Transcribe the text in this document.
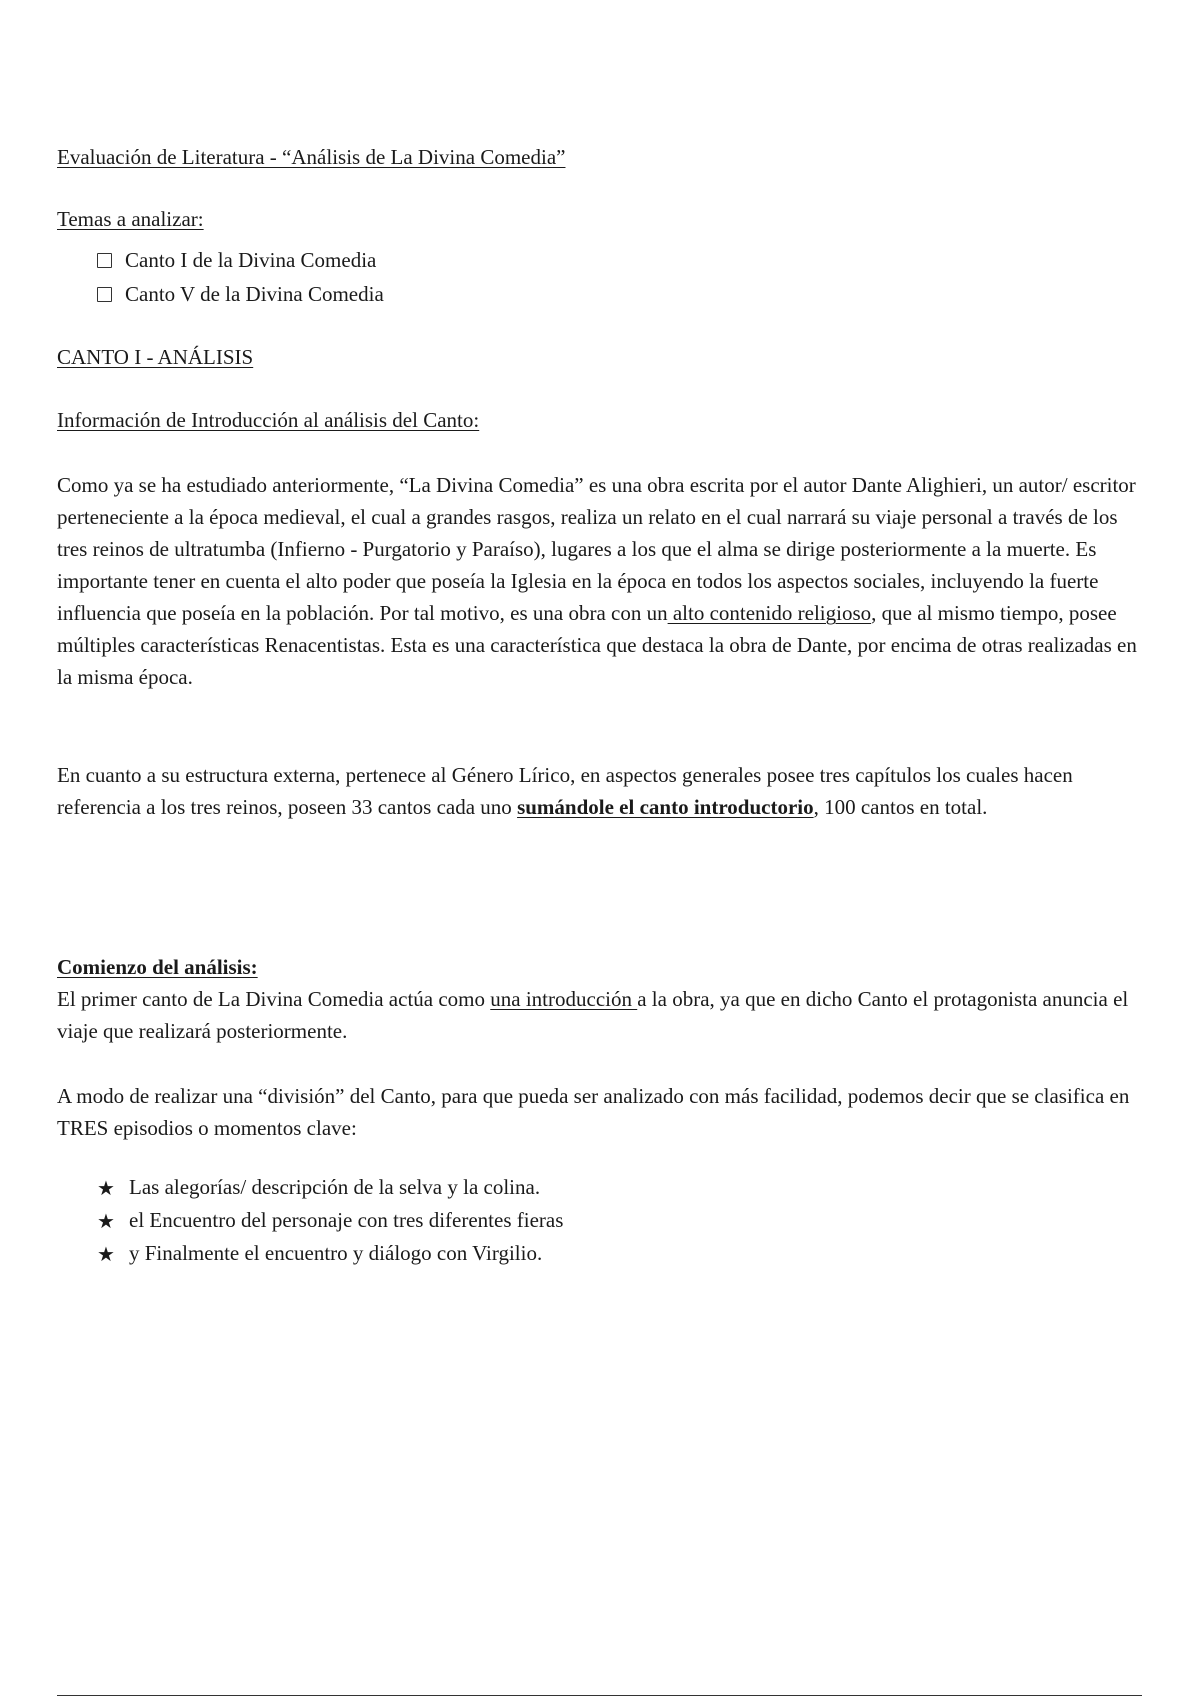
Evaluación de Literatura - “Análisis de La Divina Comedia”
Temas a analizar:
Canto I de la Divina Comedia
Canto V de la Divina Comedia
CANTO I - ANÁLISIS
Información de Introducción al análisis del Canto:

Como ya se ha estudiado anteriormente, “La Divina Comedia” es una obra escrita por el autor Dante Alighieri, un autor/ escritor perteneciente a la época medieval, el cual a grandes rasgos, realiza un relato en el cual narrará su viaje personal a través de los tres reinos de ultratumba (Infierno - Purgatorio y Paraíso), lugares a los que el alma se dirige posteriormente a la muerte. Es importante tener en cuenta el alto poder que poseía la Iglesia en la época en todos los aspectos sociales, incluyendo la fuerte influencia que poseía en la población. Por tal motivo, es una obra con un alto contenido religioso, que al mismo tiempo, posee múltiples características Renacentistas. Esta es una característica que destaca la obra de Dante, por encima de otras realizadas en la misma época.

En cuanto a su estructura externa, pertenece al Género Lírico, en aspectos generales posee tres capítulos los cuales hacen referencia a los tres reinos, poseen 33 cantos cada uno sumándole el canto introductorio, 100 cantos en total.

Comienzo del análisis:

El primer canto de La Divina Comedia actúa como una introducción a la obra, ya que en dicho Canto el protagonista anuncia el viaje que realizará posteriormente.

A modo de realizar una “división” del Canto, para que pueda ser analizado con más facilidad, podemos decir que se clasifica en TRES episodios o momentos clave:

★ Las alegorías/ descripción de la selva y la colina.
★ el Encuentro del personaje con tres diferentes fieras
★ y Finalmente el encuentro y diálogo con Virgilio.
